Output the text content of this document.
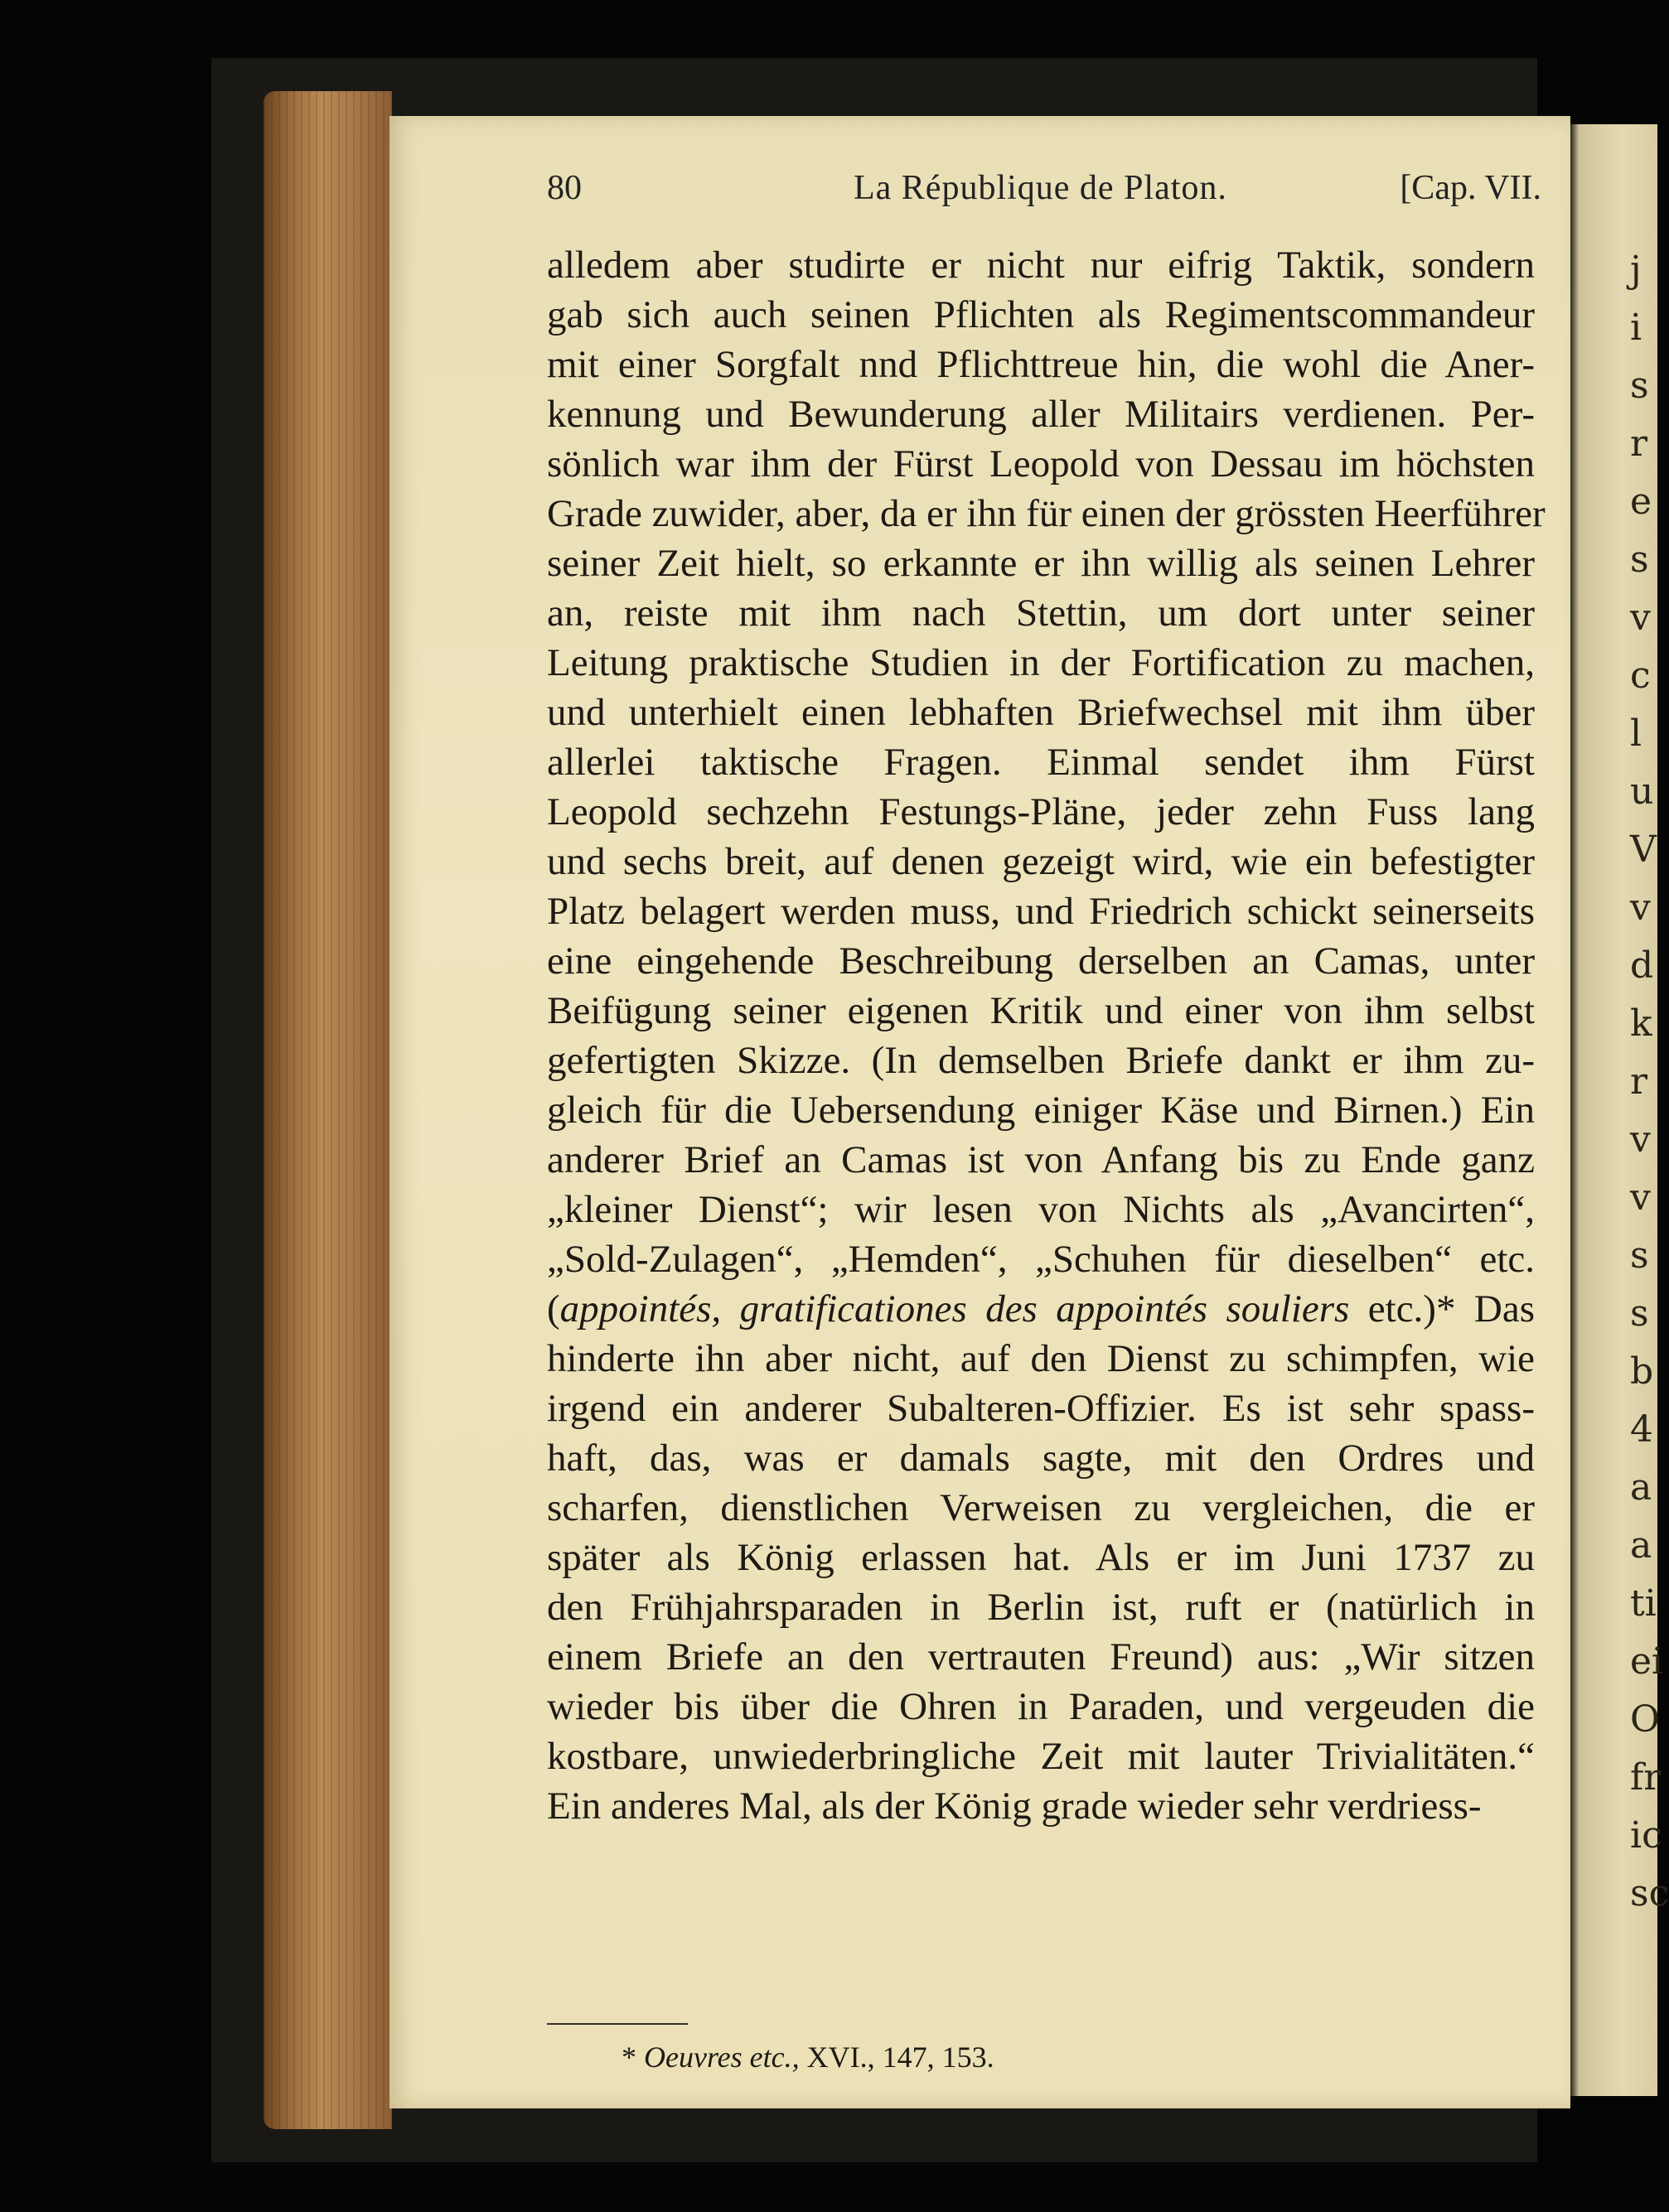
j
i
s
r
e
s
v
c
l
u
V
v
d
k
r
v
v
s
s
b
4
a
a
ti
ei
O
fr
ic
sc
80	La République de Platon.	[Cap. VII.
alledem aber studirte er nicht nur eifrig Taktik, sondern
gab sich auch seinen Pflichten als Regimentscommandeur
mit einer Sorgfalt nnd Pflichttreue hin, die wohl die Aner-
kennung und Bewunderung aller Militairs verdienen. Per-
sönlich war ihm der Fürst Leopold von Dessau im höchsten
Grade zuwider, aber, da er ihn für einen der grössten Heerführer
seiner Zeit hielt, so erkannte er ihn willig als seinen Lehrer
an, reiste mit ihm nach Stettin, um dort unter seiner
Leitung praktische Studien in der Fortification zu machen,
und unterhielt einen lebhaften Briefwechsel mit ihm über
allerlei taktische Fragen. Einmal sendet ihm Fürst
Leopold sechzehn Festungs-Pläne, jeder zehn Fuss lang
und sechs breit, auf denen gezeigt wird, wie ein befestigter
Platz belagert werden muss, und Friedrich schickt seinerseits
eine eingehende Beschreibung derselben an Camas, unter
Beifügung seiner eigenen Kritik und einer von ihm selbst
gefertigten Skizze. (In demselben Briefe dankt er ihm zu-
gleich für die Uebersendung einiger Käse und Birnen.) Ein
anderer Brief an Camas ist von Anfang bis zu Ende ganz
„kleiner Dienst“; wir lesen von Nichts als „Avancirten“,
„Sold-Zulagen“, „Hemden“, „Schuhen für dieselben“ etc.
(appointés, gratificationes des appointés souliers etc.)* Das
hinderte ihn aber nicht, auf den Dienst zu schimpfen, wie
irgend ein anderer Subalteren-Offizier. Es ist sehr spass-
haft, das, was er damals sagte, mit den Ordres und
scharfen, dienstlichen Verweisen zu vergleichen, die er
später als König erlassen hat. Als er im Juni 1737 zu
den Frühjahrsparaden in Berlin ist, ruft er (natürlich in
einem Briefe an den vertrauten Freund) aus: „Wir sitzen
wieder bis über die Ohren in Paraden, und vergeuden die
kostbare, unwiederbringliche Zeit mit lauter Trivialitäten.“
Ein anderes Mal, als der König grade wieder sehr verdriess-
* Oeuvres etc., XVI., 147, 153.
